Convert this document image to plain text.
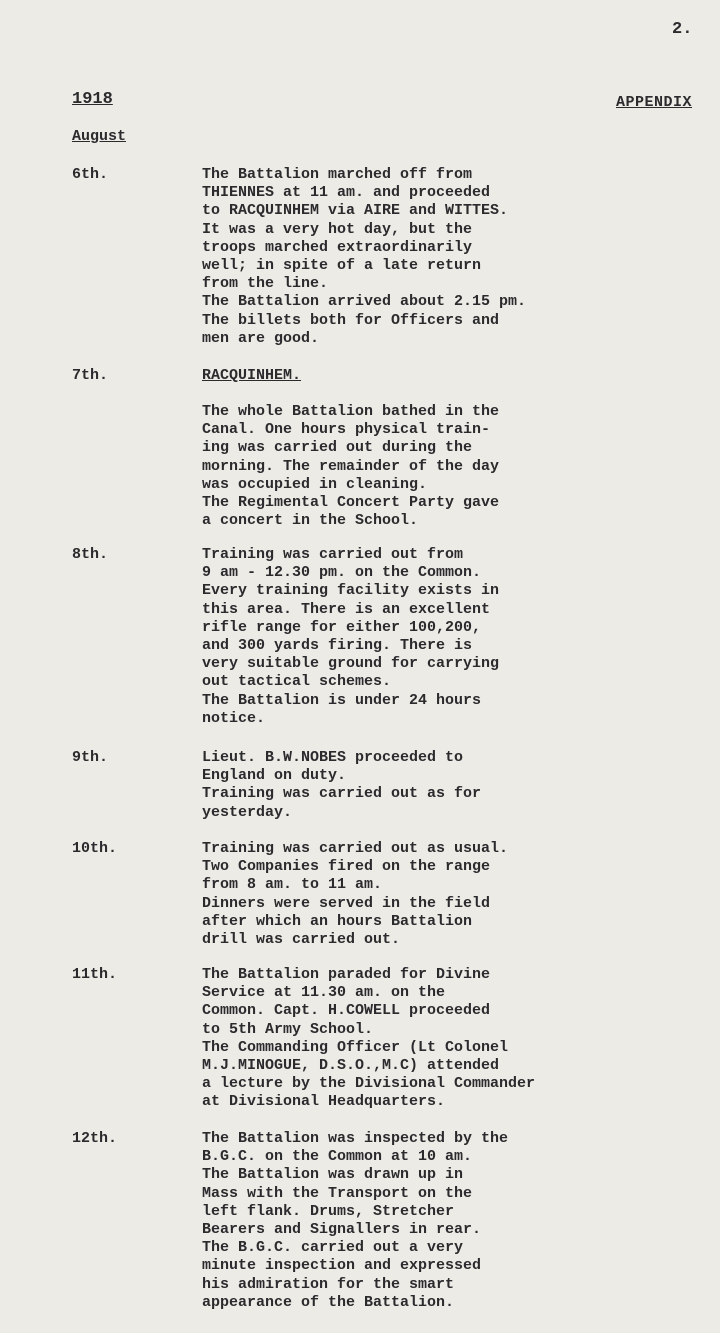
2.
1918	APPENDIX
August
6th.	The Battalion marched off from
THIENNES at 11 am. and proceeded
to RACQUINHEM via AIRE and WITTES.
It was a very hot day, but the
troops marched extraordinarily
well; in spite of a late return
from the line.
The Battalion arrived about 2.15 pm.
The billets both for Officers and
men are good.
7th.	RACQUINHEM.
The whole Battalion bathed in the
Canal. One hours physical train-
ing was carried out during the
morning. The remainder of the day
was occupied in cleaning.
The Regimental Concert Party gave
a concert in the School.
8th.	Training was carried out from
9 am - 12.30 pm. on the Common.
Every training facility exists in
this area. There is an excellent
rifle range for either 100,200,
and 300 yards firing. There is
very suitable ground for carrying
out tactical schemes.
The Battalion is under 24 hours
notice.
9th.	Lieut. B.W.NOBES proceeded to
England on duty.
Training was carried out as for
yesterday.
10th.	Training was carried out as usual.
Two Companies fired on the range
from 8 am. to 11 am.
Dinners were served in the field
after which an hours Battalion
drill was carried out.
11th.	The Battalion paraded for Divine
Service at 11.30 am. on the
Common. Capt. H.COWELL proceeded
to 5th Army School.
The Commanding Officer (Lt Colonel
M.J.MINOGUE, D.S.O.,M.C) attended
a lecture by the Divisional Commander
at Divisional Headquarters.
12th.	The Battalion was inspected by the
B.G.C. on the Common at 10 am.
The Battalion was drawn up in
Mass with the Transport on the
left flank. Drums, Stretcher
Bearers and Signallers in rear.
The B.G.C. carried out a very
minute inspection and expressed
his admiration for the smart
appearance of the Battalion.
